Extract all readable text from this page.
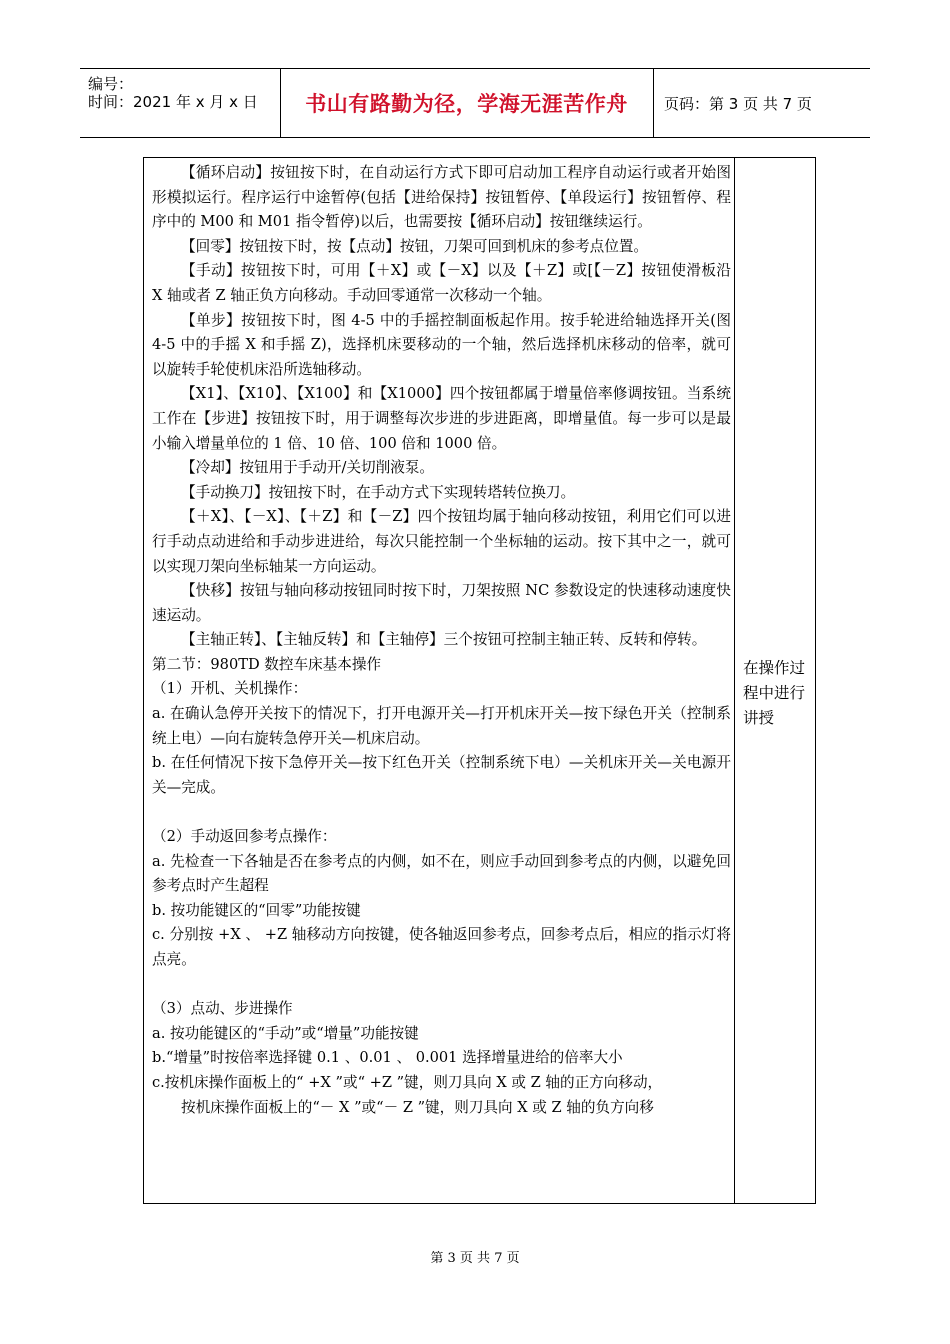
编号：
时间：2021 年 x 月 x 日 书山有路勤为径，学海无涯苦作舟	页码：第 3 页 共 7 页

【循环启动】按钮按下时，在自动运行方式下即可启动加工程序自动运行或者开始图形模拟运行。程序运行中途暂停(包括【进给保持】按钮暂停、【单段运行】按钮暂停、程序中的 M00 和 M01 指令暂停)以后，也需要按【循环启动】按钮继续运行。

【回零】按钮按下时，按【点动】按钮，刀架可回到机床的参考点位置。

【手动】按钮按下时，可用【＋X】或【－X】以及【＋Z】或[【－Z】按钮使滑板沿 X 轴或者 Z 轴正负方向移动。手动回零通常一次移动一个轴。

【单步】按钮按下时，图 4-5 中的手摇控制面板起作用。按手轮进给轴选择开关(图 4-5 中的手摇 X 和手摇 Z)，选择机床要移动的一个轴，然后选择机床移动的倍率，就可以旋转手轮使机床沿所选轴移动。

【X1】、【X10】、【X100】和【X1000】四个按钮都属于增量倍率修调按钮。当系统工作在【步进】按钮按下时，用于调整每次步进的步进距离，即增量值。每一步可以是最小输入增量单位的 1 倍、10 倍、100 倍和 1000 倍。

【冷却】按钮用于手动开/关切削液泵。

【手动换刀】按钮按下时，在手动方式下实现转塔转位换刀。

【＋X】、【－X】、【＋Z】和【－Z】四个按钮均属于轴向移动按钮，利用它们可以进行手动点动进给和手动步进进给，每次只能控制一个坐标轴的运动。按下其中之一，就可以实现刀架向坐标轴某一方向运动。

【快移】按钮与轴向移动按钮同时按下时，刀架按照 NC 参数设定的快速移动速度快速运动。

【主轴正转】、【主轴反转】和【主轴停】三个按钮可控制主轴正转、反转和停转。

第二节：980TD 数控车床基本操作

（1）开机、关机操作：

a. 在确认急停开关按下的情况下，打开电源开关—打开机床开关—按下绿色开关（控制系统上电）—向右旋转急停开关—机床启动。

b. 在任何情况下按下急停开关—按下红色开关（控制系统下电）—关机床开关—关电源开关—完成。

（2）手动返回参考点操作：

a. 先检查一下各轴是否在参考点的内侧，如不在，则应手动回到参考点的内侧，以避免回参考点时产生超程

b. 按功能键区的“回零”功能按键

c. 分别按 +X 、 +Z 轴移动方向按键，使各轴返回参考点，回参考点后，相应的指示灯将点亮。

（3）点动、步进操作

a. 按功能键区的“手动”或“增量”功能按键

b.“增量”时按倍率选择键 0.1 、0.01 、 0.001 选择增量进给的倍率大小

c.按机床操作面板上的“ +X ”或“ +Z ”键，则刀具向 X 或 Z 轴的正方向移动，

按机床操作面板上的“－ X ”或“－ Z ”键，则刀具向 X 或 Z 轴的负方向移

在操作过程中进行讲授
第 3 页 共 7 页
